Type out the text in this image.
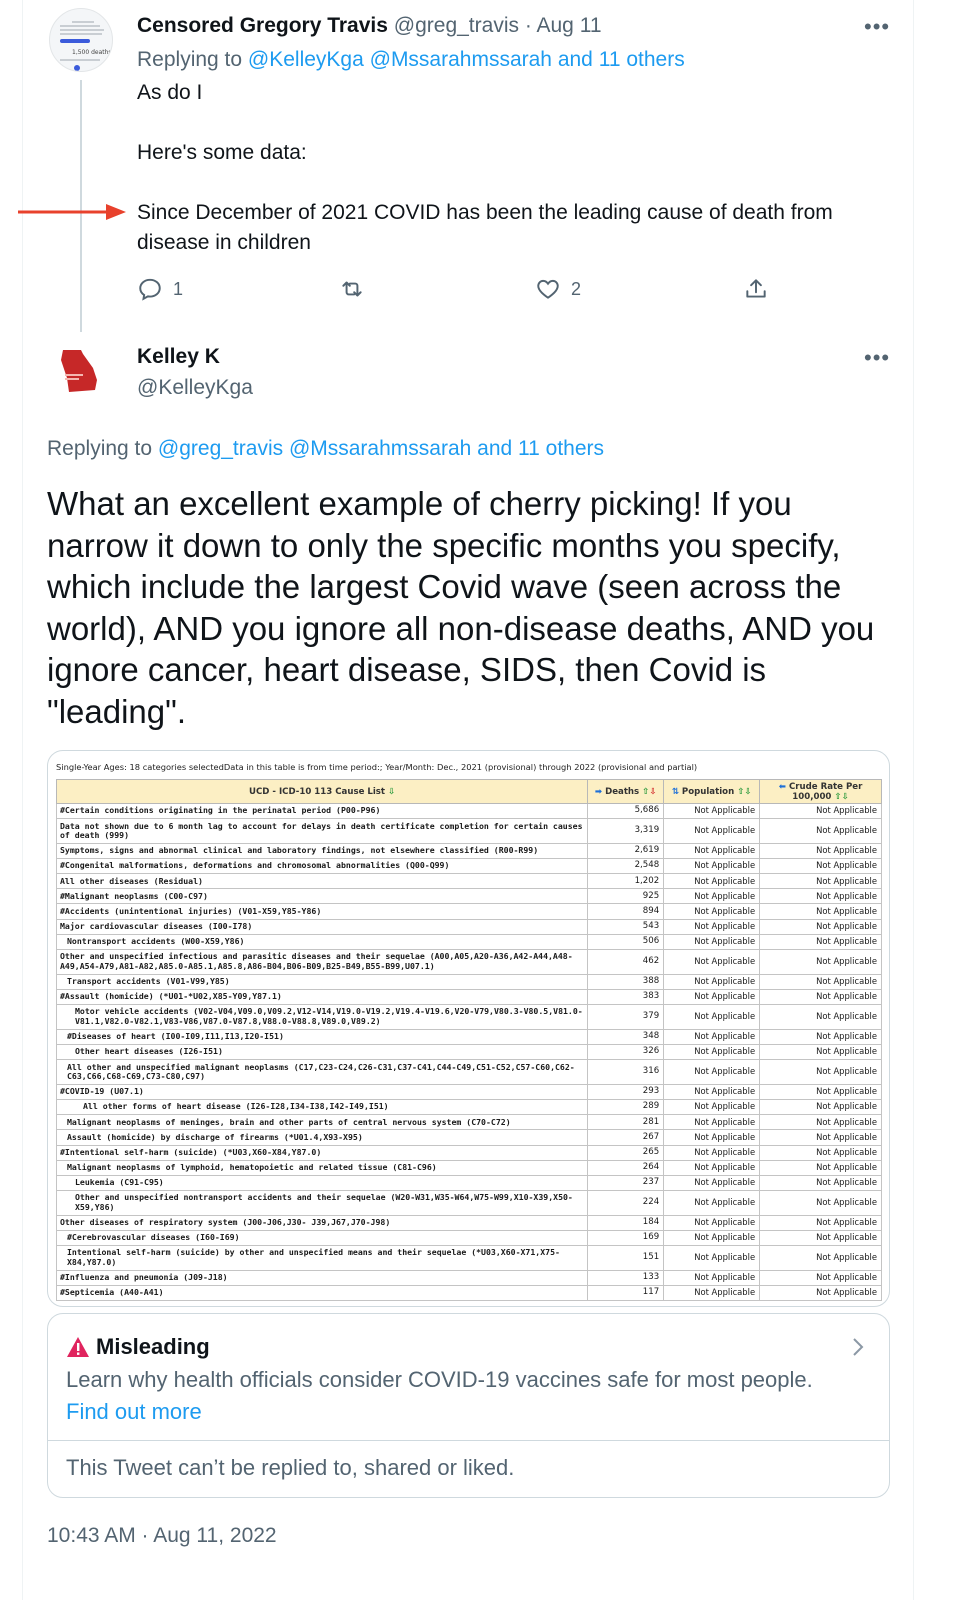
1,500 deaths
Censored Gregory Travis @greg_travis · Aug 11	•••
Replying to @KelleyKga @Mssarahmssarah and 11 others
As do I
Here's some data:
Since December of 2021 COVID has been the leading cause of death from
disease in children
1	2
Kelley K
@KelleyKga
•••
Replying to @greg_travis @Mssarahmssarah and 11 others
What an excellent example of cherry picking! If you narrow it down to only the specific months you specify, which include the largest Covid wave (seen across the world), AND you ignore all non-disease deaths, AND you ignore cancer, heart disease, SIDS, then Covid is "leading".
Single-Year Ages: 18 categories selectedData in this table is from time period:; Year/Month: Dec., 2021 (provisional) through 2022 (provisional and partial)
UCD - ICD-10 113 Cause List ⇩	➡ Deaths ⇧⇩	⇅ Population ⇧⇩	⬅ Crude Rate Per 100,000 ⇧⇩
#Certain conditions originating in the perinatal period (P00-P96)	5,686	Not Applicable	Not Applicable
Data not shown due to 6 month lag to account for delays in death certificate completion for certain causes of death (999)	3,319	Not Applicable	Not Applicable
Symptoms, signs and abnormal clinical and laboratory findings, not elsewhere classified (R00-R99)	2,619	Not Applicable	Not Applicable
#Congenital malformations, deformations and chromosomal abnormalities (Q00-Q99)	2,548	Not Applicable	Not Applicable
All other diseases (Residual)	1,202	Not Applicable	Not Applicable
#Malignant neoplasms (C00-C97)	925	Not Applicable	Not Applicable
#Accidents (unintentional injuries) (V01-X59,Y85-Y86)	894	Not Applicable	Not Applicable
Major cardiovascular diseases (I00-I78)	543	Not Applicable	Not Applicable
Nontransport accidents (W00-X59,Y86)	506	Not Applicable	Not Applicable
Other and unspecified infectious and parasitic diseases and their sequelae (A00,A05,A20-A36,A42-A44,A48-A49,A54-A79,A81-A82,A85.0-A85.1,A85.8,A86-B04,B06-B09,B25-B49,B55-B99,U07.1)	462	Not Applicable	Not Applicable
Transport accidents (V01-V99,Y85)	388	Not Applicable	Not Applicable
#Assault (homicide) (*U01-*U02,X85-Y09,Y87.1)	383	Not Applicable	Not Applicable
Motor vehicle accidents (V02-V04,V09.0,V09.2,V12-V14,V19.0-V19.2,V19.4-V19.6,V20-V79,V80.3-V80.5,V81.0-V81.1,V82.0-V82.1,V83-V86,V87.0-V87.8,V88.0-V88.8,V89.0,V89.2)	379	Not Applicable	Not Applicable
#Diseases of heart (I00-I09,I11,I13,I20-I51)	348	Not Applicable	Not Applicable
Other heart diseases (I26-I51)	326	Not Applicable	Not Applicable
All other and unspecified malignant neoplasms (C17,C23-C24,C26-C31,C37-C41,C44-C49,C51-C52,C57-C60,C62-C63,C66,C68-C69,C73-C80,C97)	316	Not Applicable	Not Applicable
#COVID-19 (U07.1)	293	Not Applicable	Not Applicable
All other forms of heart disease (I26-I28,I34-I38,I42-I49,I51)	289	Not Applicable	Not Applicable
Malignant neoplasms of meninges, brain and other parts of central nervous system (C70-C72)	281	Not Applicable	Not Applicable
Assault (homicide) by discharge of firearms (*U01.4,X93-X95)	267	Not Applicable	Not Applicable
#Intentional self-harm (suicide) (*U03,X60-X84,Y87.0)	265	Not Applicable	Not Applicable
Malignant neoplasms of lymphoid, hematopoietic and related tissue (C81-C96)	264	Not Applicable	Not Applicable
Leukemia (C91-C95)	237	Not Applicable	Not Applicable
Other and unspecified nontransport accidents and their sequelae (W20-W31,W35-W64,W75-W99,X10-X39,X50-X59,Y86)	224	Not Applicable	Not Applicable
Other diseases of respiratory system (J00-J06,J30- J39,J67,J70-J98)	184	Not Applicable	Not Applicable
#Cerebrovascular diseases (I60-I69)	169	Not Applicable	Not Applicable
Intentional self-harm (suicide) by other and unspecified means and their sequelae (*U03,X60-X71,X75-X84,Y87.0)	151	Not Applicable	Not Applicable
#Influenza and pneumonia (J09-J18)	133	Not Applicable	Not Applicable
#Septicemia (A40-A41)	117	Not Applicable	Not Applicable
Misleading
Learn why health officials consider COVID-19 vaccines safe for most people.
Find out more
This Tweet can’t be replied to, shared or liked.
10:43 AM · Aug 11, 2022
